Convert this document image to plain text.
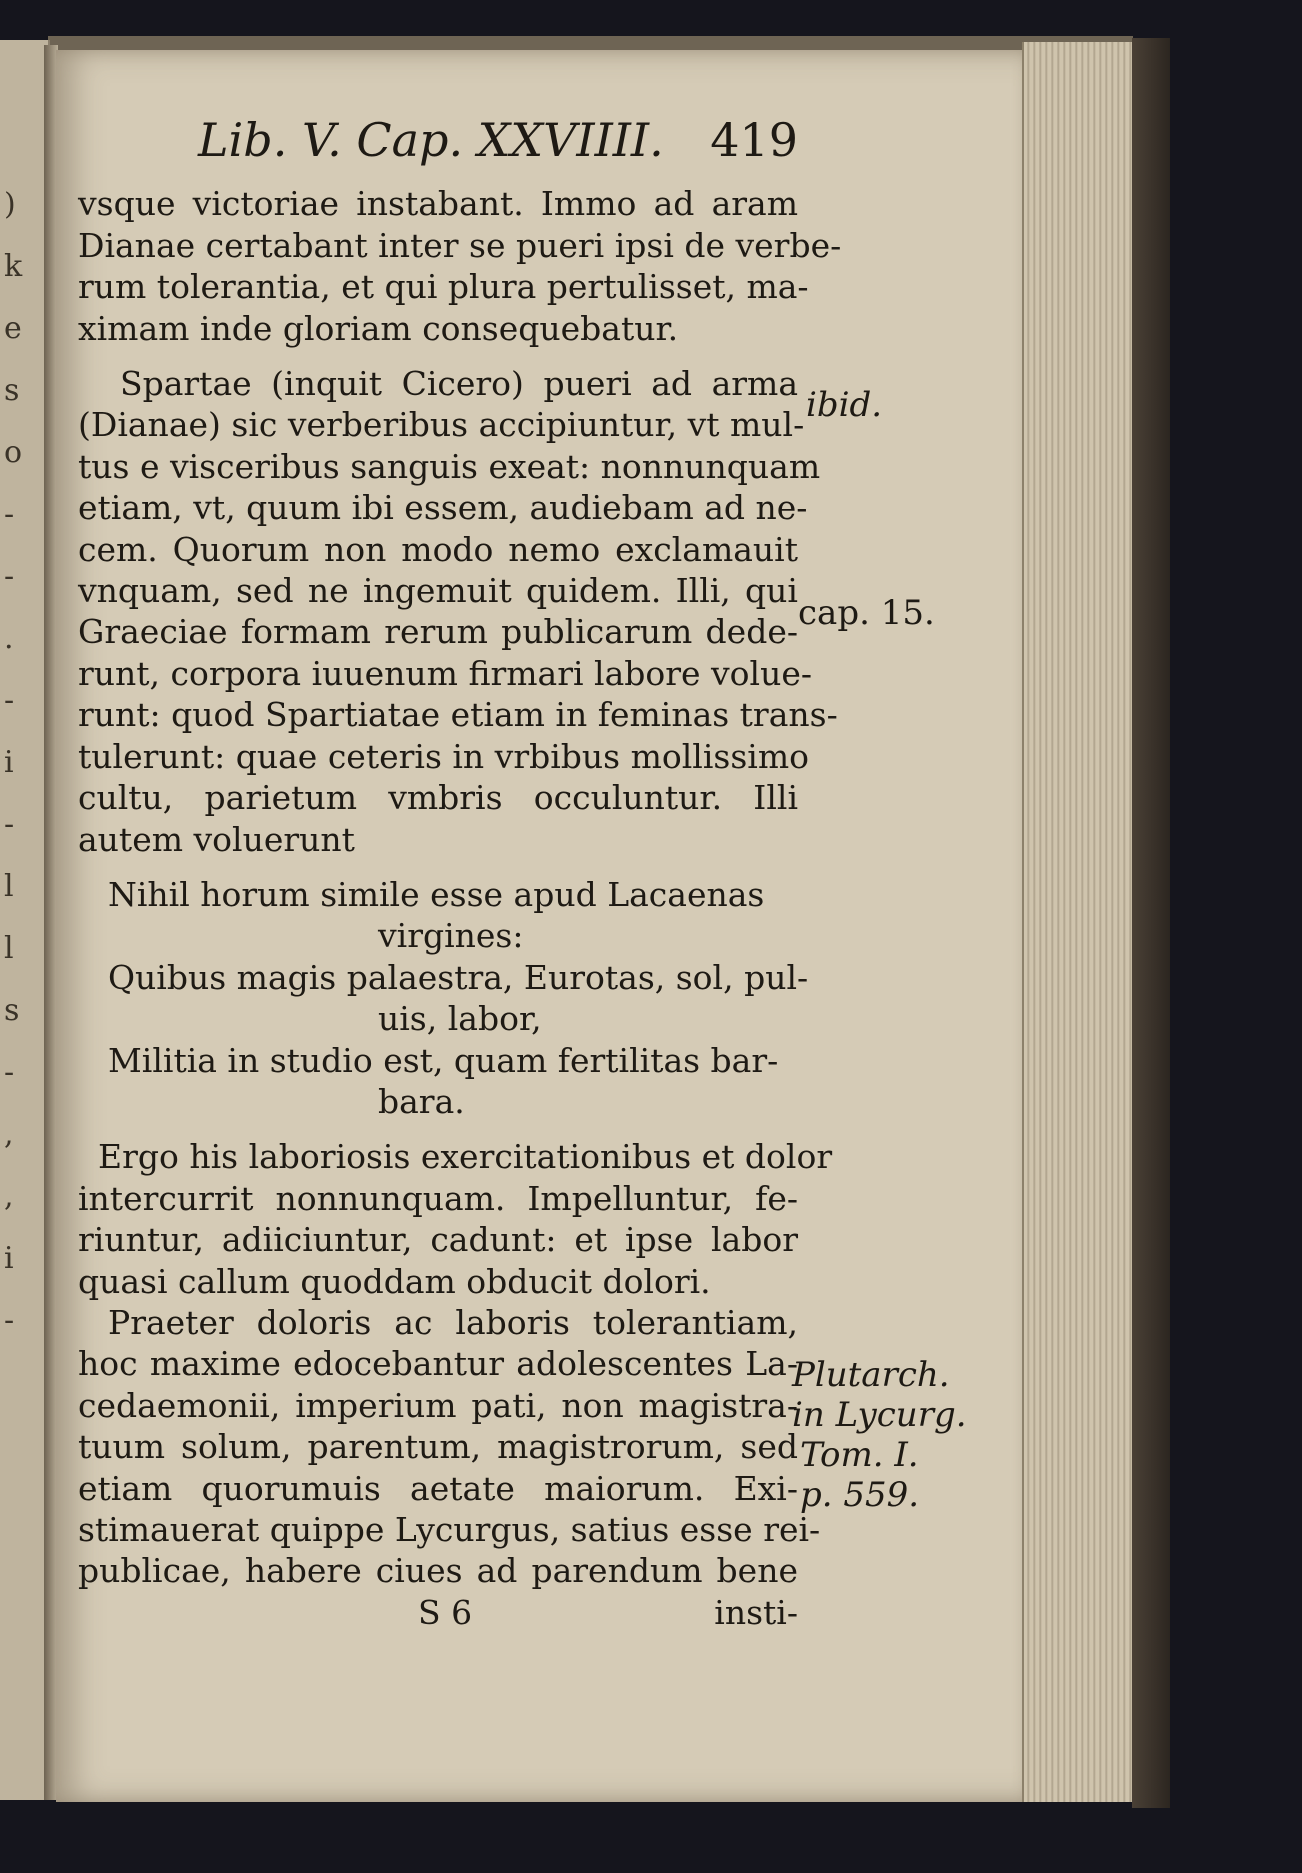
)
k
e
s
o
-
-
.
-
i
-
l
l
s
-
,
,
i
-
Lib. V. Cap. XXVIIII. 419
vsque victoriae instabant. Immo ad aram
Dianae certabant inter se pueri ipsi de verbe-
rum tolerantia, et qui plura pertulisset, ma-
ximam inde gloriam consequebatur.
Spartae (inquit Cicero) pueri ad arma
(Dianae) sic verberibus accipiuntur, vt mul-
tus e visceribus sanguis exeat: nonnunquam
etiam, vt, quum ibi essem, audiebam ad ne-
cem. Quorum non modo nemo exclamauit
vnquam, sed ne ingemuit quidem. Illi, qui
Graeciae formam rerum publicarum dede-
runt, corpora iuuenum firmari labore volue-
runt: quod Spartiatae etiam in feminas trans-
tulerunt: quae ceteris in vrbibus mollissimo
cultu, parietum vmbris occuluntur. Illi
autem voluerunt
Nihil horum simile esse apud Lacaenas
virgines:
Quibus magis palaestra, Eurotas, sol, pul-
uis, labor,
Militia in studio est, quam fertilitas bar-
bara.
Ergo his laboriosis exercitationibus et dolor
intercurrit nonnunquam. Impelluntur, fe-
riuntur, adiiciuntur, cadunt: et ipse labor
quasi callum quoddam obducit dolori.
Praeter doloris ac laboris tolerantiam,
hoc maxime edocebantur adolescentes La-
cedaemonii, imperium pati, non magistra-
tuum solum, parentum, magistrorum, sed
etiam quorumuis aetate maiorum. Exi-
stimauerat quippe Lycurgus, satius esse rei-
publicae, habere ciues ad parendum bene
S 6	insti-
ibid.
cap. 15.
Plutarch.
in Lycurg.
Tom. I.
p. 559.
